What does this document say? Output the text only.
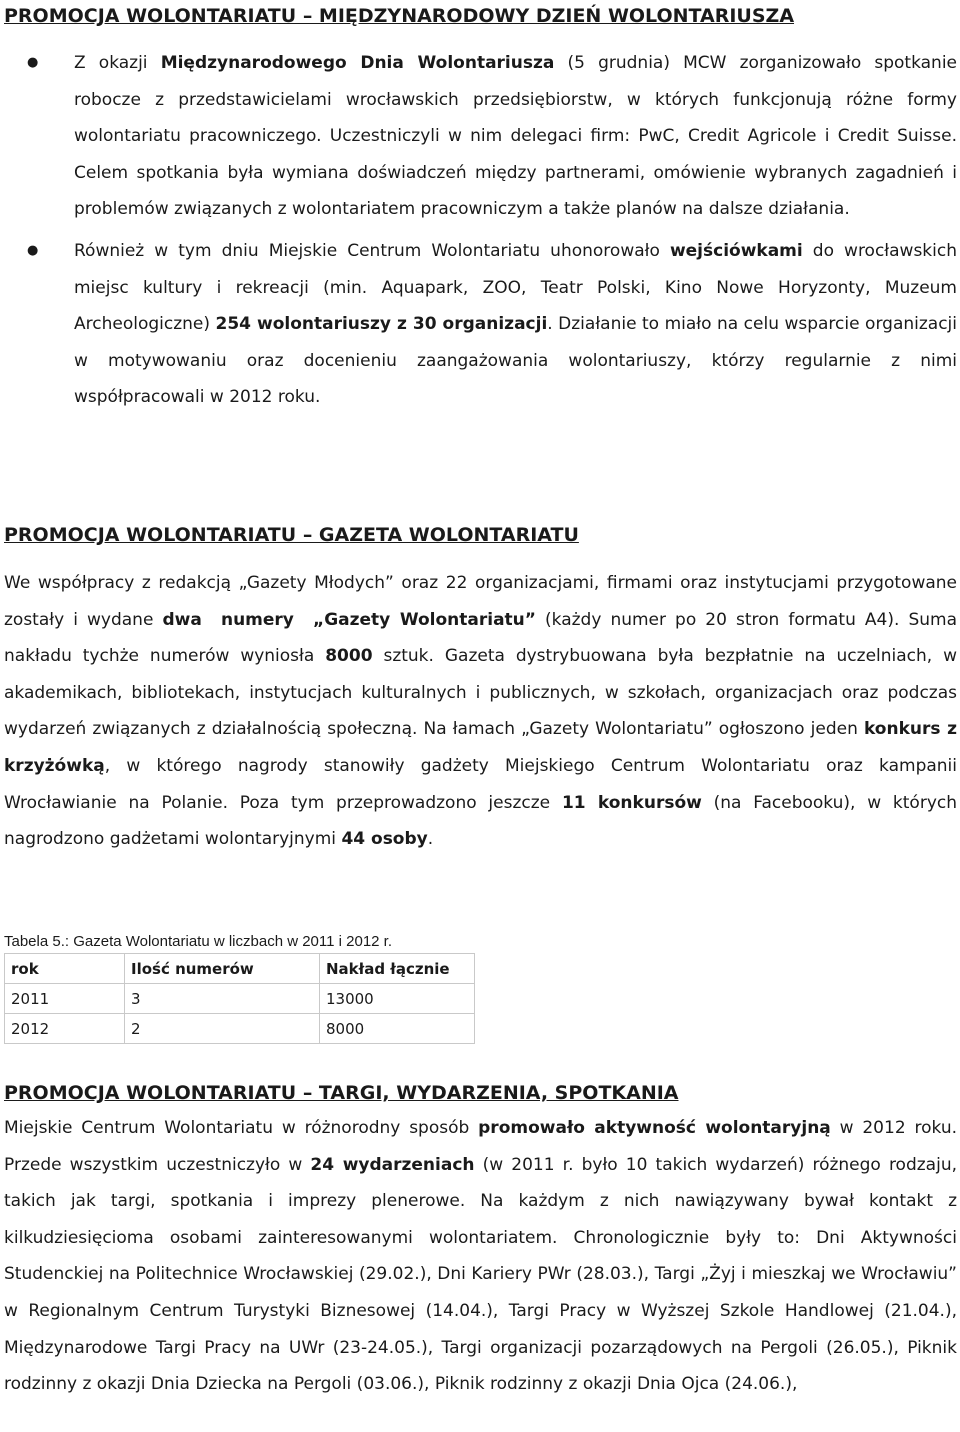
PROMOCJA WOLONTARIATU – MIĘDZYNARODOWY DZIEŃ WOLONTARIUSZA
● Z okazji Międzynarodowego Dnia Wolontariusza (5 grudnia) MCW zorganizowało spotkanie robocze z przedstawicielami wrocławskich przedsiębiorstw, w których funkcjonują różne formy wolontariatu pracowniczego. Uczestniczyli w nim delegaci firm: PwC, Credit Agricole i Credit Suisse. Celem spotkania była wymiana doświadczeń między partnerami, omówienie wybranych zagadnień i problemów związanych z wolontariatem pracowniczym a także planów na dalsze działania.
● Również w tym dniu Miejskie Centrum Wolontariatu uhonorowało wejściówkami do wrocławskich miejsc kultury i rekreacji (min. Aquapark, ZOO, Teatr Polski, Kino Nowe Horyzonty, Muzeum Archeologiczne) 254 wolontariuszy z 30 organizacji. Działanie to miało na celu wsparcie organizacji w motywowaniu oraz docenieniu zaangażowania wolontariuszy, którzy regularnie z nimi współpracowali w 2012 roku.
PROMOCJA WOLONTARIATU – GAZETA WOLONTARIATU

We współpracy z redakcją „Gazety Młodych” oraz 22 organizacjami, firmami oraz instytucjami przygotowane zostały i wydane dwa  numery  „Gazety Wolontariatu” (każdy numer po 20 stron formatu A4). Suma nakładu tychże numerów wyniosła 8000 sztuk. Gazeta dystrybuowana była bezpłatnie na uczelniach, w akademikach, bibliotekach, instytucjach kulturalnych i publicznych, w szkołach, organizacjach oraz podczas wydarzeń związanych z działalnością społeczną. Na łamach „Gazety Wolontariatu” ogłoszono jeden konkurs z krzyżówką, w którego nagrody stanowiły gadżety Miejskiego Centrum Wolontariatu oraz kampanii Wrocławianie na Polanie. Poza tym przeprowadzono jeszcze 11 konkursów (na Facebooku), w których nagrodzono gadżetami wolontaryjnymi 44 osoby.

Tabela 5.: Gazeta Wolontariatu w liczbach w 2011 i 2012 r.

rok	Ilość numerów	Nakład łącznie
2011	3	13000
2012	2	8000
PROMOCJA WOLONTARIATU – TARGI, WYDARZENIA, SPOTKANIA

Miejskie Centrum Wolontariatu w różnorodny sposób promowało aktywność wolontaryjną w 2012 roku. Przede wszystkim uczestniczyło w 24 wydarzeniach (w 2011 r. było 10 takich wydarzeń) różnego rodzaju, takich jak targi, spotkania i imprezy plenerowe. Na każdym z nich nawiązywany bywał kontakt z kilkudziesięcioma osobami zainteresowanymi wolontariatem. Chronologicznie były to: Dni Aktywności Studenckiej na Politechnice Wrocławskiej (29.02.), Dni Kariery PWr (28.03.), Targi „Żyj i mieszkaj we Wrocławiu” w Regionalnym Centrum Turystyki Biznesowej (14.04.), Targi Pracy w Wyższej Szkole Handlowej (21.04.), Międzynarodowe Targi Pracy na UWr (23-24.05.), Targi organizacji pozarządowych na Pergoli (26.05.), Piknik rodzinny z okazji Dnia Dziecka na Pergoli (03.06.), Piknik rodzinny z okazji Dnia Ojca (24.06.),
